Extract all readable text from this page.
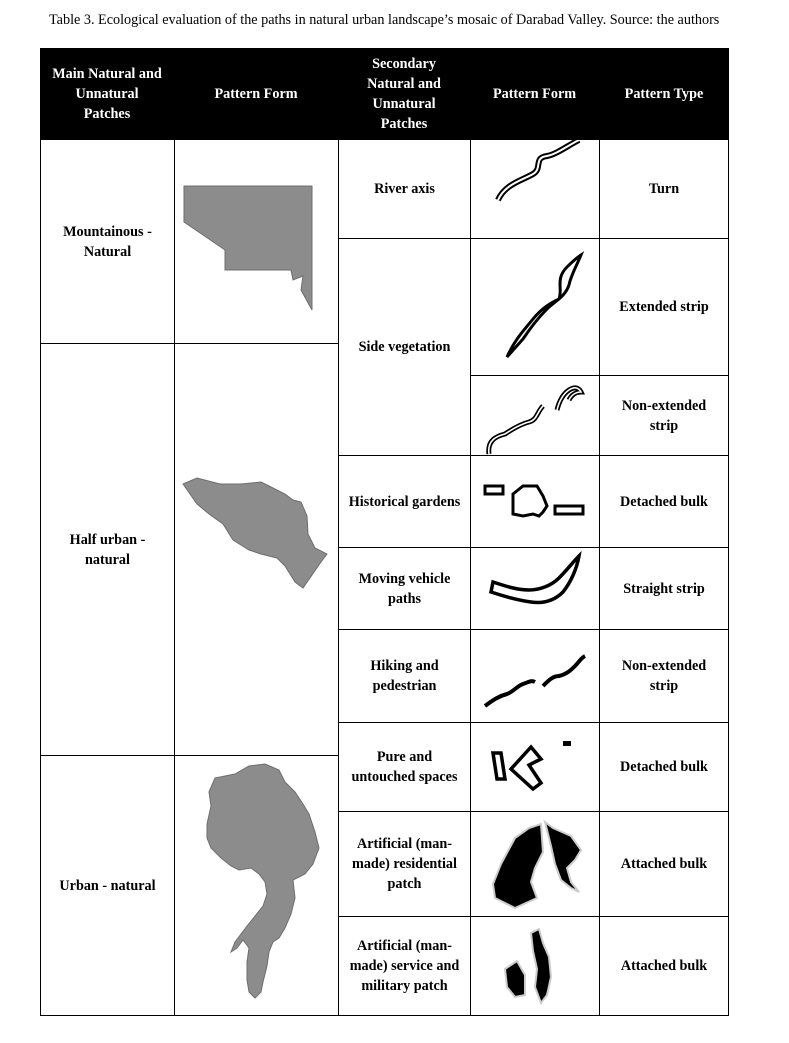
Table 3. Ecological evaluation of the paths in natural urban landscape’s mosaic of Darabad Valley. Source: the authors
Main Natural and Unnatural Patches
Pattern Form
Secondary Natural and Unnatural Patches
Pattern Form	Pattern Type
Mountainous - Natural
Half urban - natural
Urban - natural
River axis
Side vegetation
Historical gardens
Moving vehicle paths
Hiking and pedestrian
Pure and untouched spaces
Artificial (man-made) residential patch
Artificial (man-made) service and military patch
Turn
Extended strip
Non-extended strip
Detached bulk
Straight strip
Non-extended strip
Detached bulk
Attached bulk
Attached bulk
